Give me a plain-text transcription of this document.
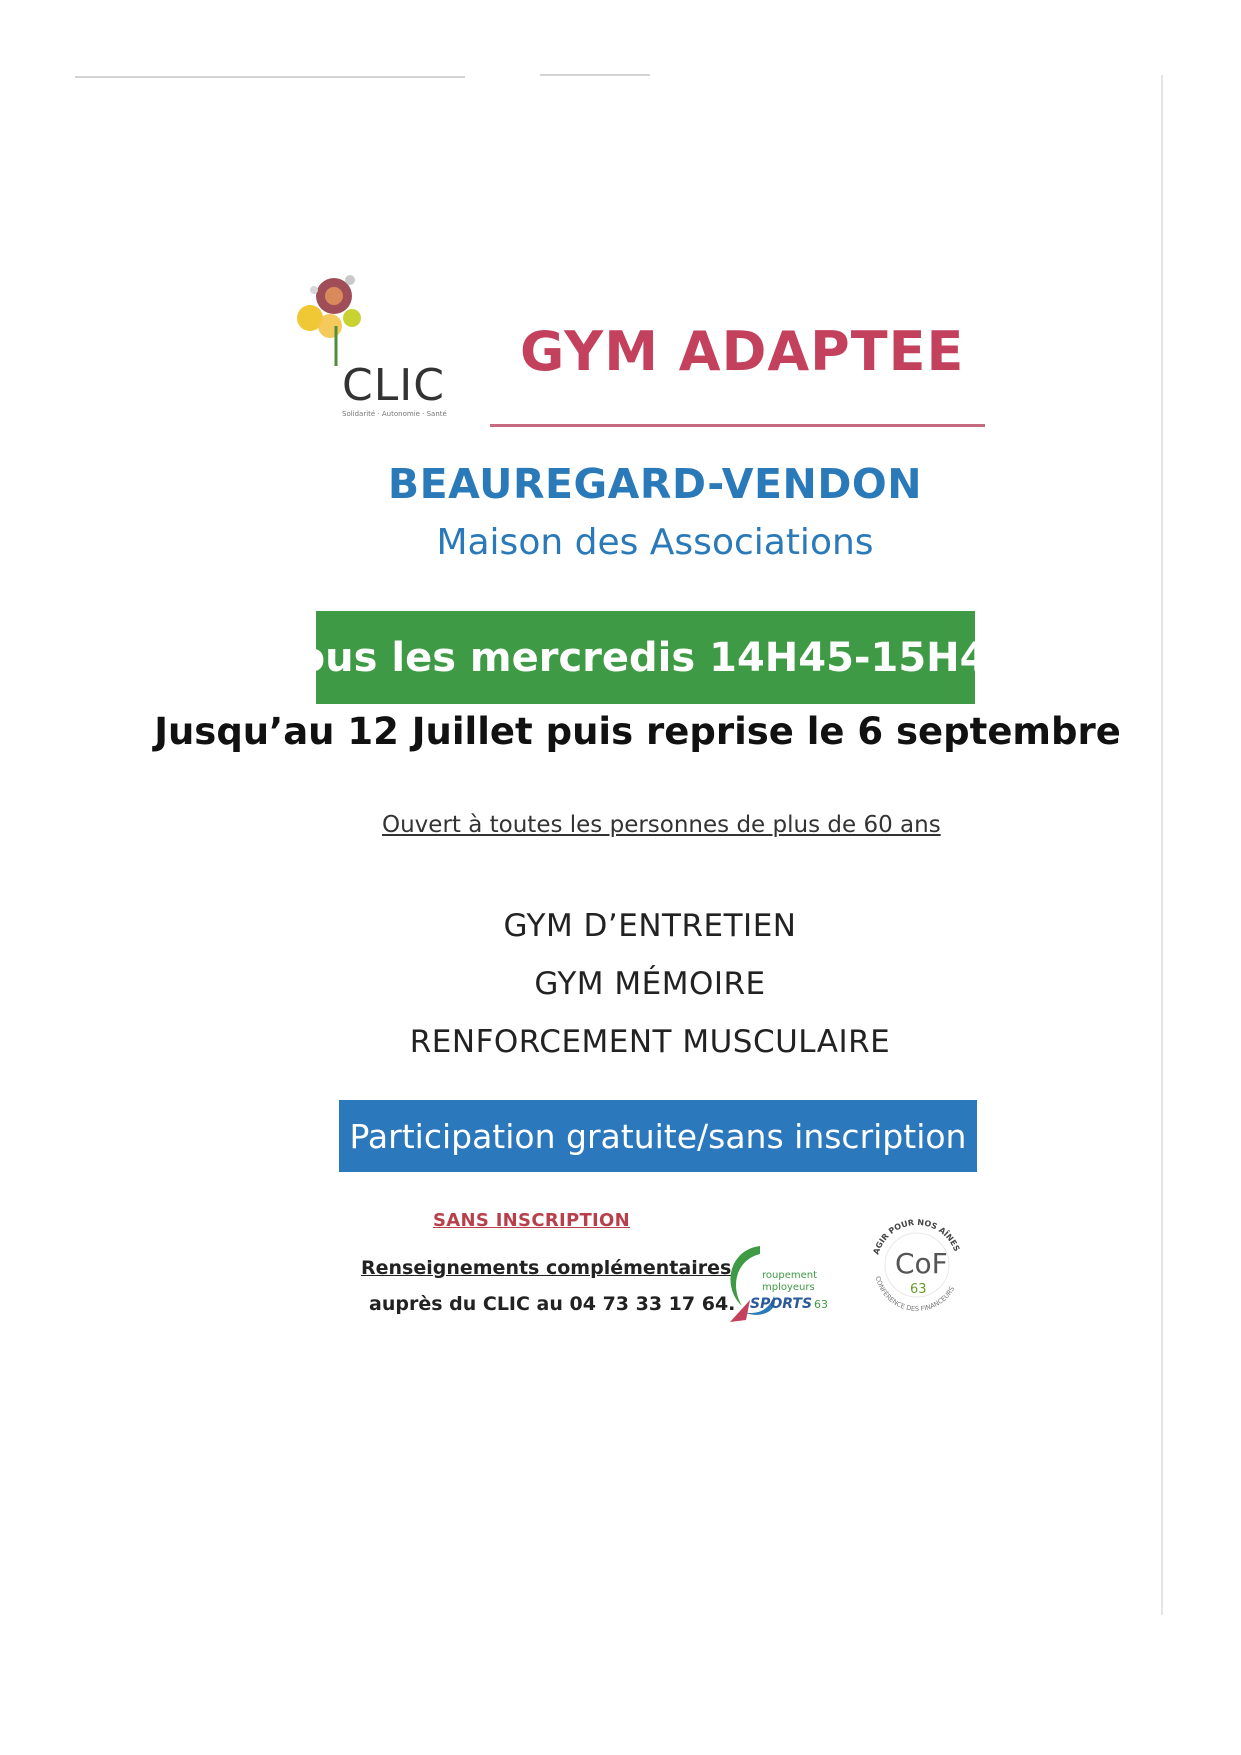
CLIC
Solidarité · Autonomie · Santé
GYM ADAPTEE
BEAUREGARD-VENDON
Maison des Associations
Tous les mercredis 14H45-15H45
Jusqu’au 12 Juillet puis reprise le 6 septembre
Ouvert à toutes les personnes de plus de 60 ans
GYM D’ENTRETIEN
GYM MÉMOIRE
RENFORCEMENT MUSCULAIRE
Participation gratuite/sans inscription
SANS INSCRIPTION
Renseignements complémentaires
auprès du CLIC au 04 73 33 17 64.
roupement
mployeurs
SPORTS 63
AGIR POUR NOS AÎNES
CONFÉRENCE DES FINANCEURS
CoF
63
